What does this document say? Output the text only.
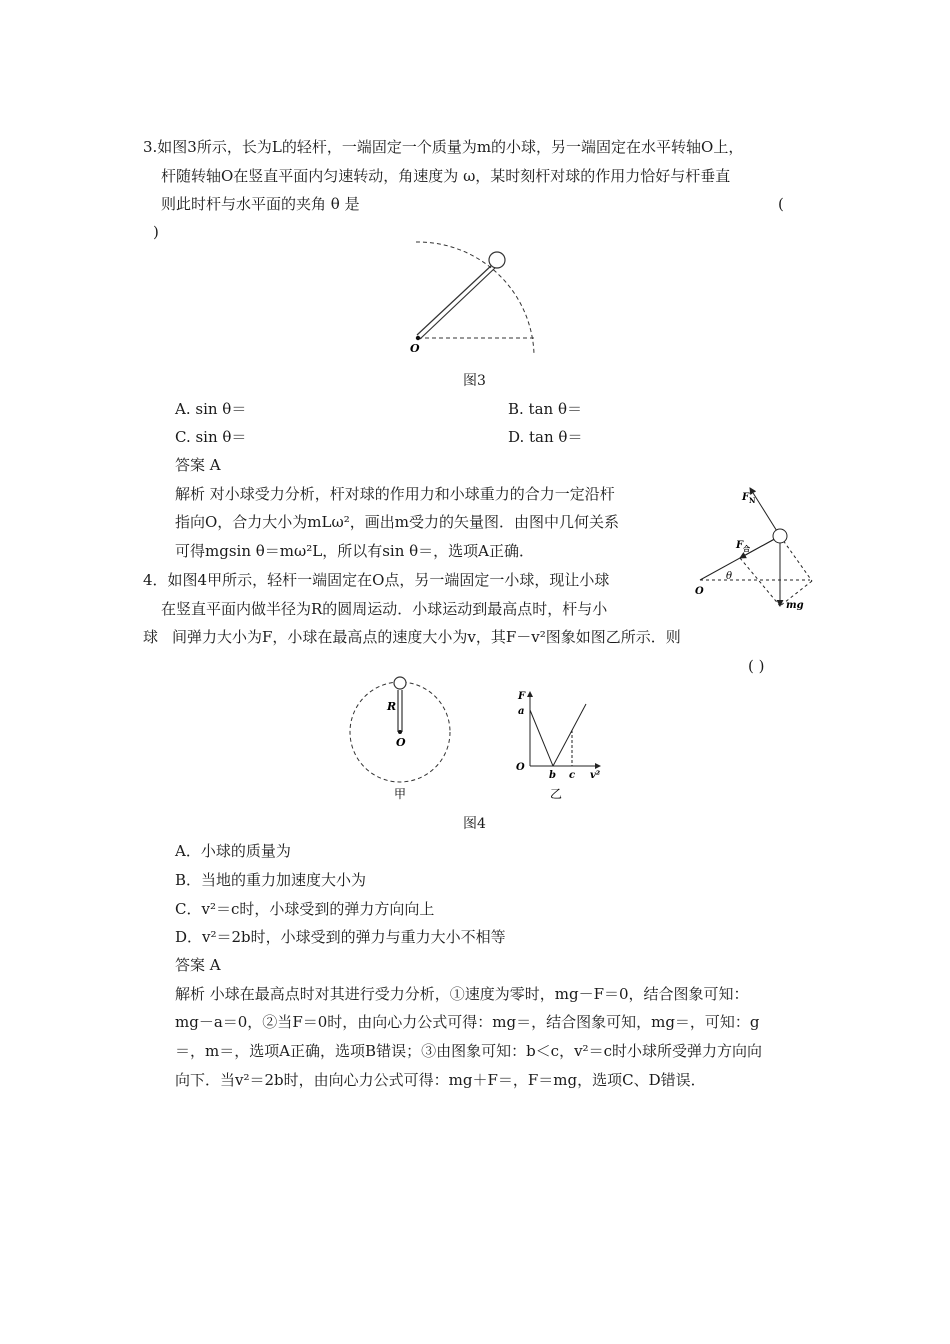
3.如图3所示，长为L的轻杆，一端固定一个质量为m的小球，另一端固定在水平转轴O上，
杆随转轴O在竖直平面内匀速转动，角速度为 ω，某时刻杆对球的作用力恰好与杆垂直
则此时杆与水平面的夹角 θ 是	(
)
O
图3
A. sin θ＝	B. tan θ＝
C. sin θ＝	D. tan θ＝
答案 A
解析 对小球受力分析，杆对球的作用力和小球重力的合力一定沿杆
指向O，合力大小为mLω²，画出m受力的矢量图．由图中几何关系
可得mgsin θ＝mω²L，所以有sin θ＝，选项A正确．
F N
F 合
θ
O
mg
4．如图4甲所示，轻杆一端固定在O点，另一端固定一小球，现让小球
在竖直平面内做半径为R的圆周运动．小球运动到最高点时，杆与小
球 间弹力大小为F，小球在最高点的速度大小为v，其F－v²图象如图乙所示．则
( )
R
O
甲
F
a
O
b c v²
乙
图4
A．小球的质量为
B．当地的重力加速度大小为
C．v²＝c时，小球受到的弹力方向向上
D．v²＝2b时，小球受到的弹力与重力大小不相等
答案 A
解析 小球在最高点时对其进行受力分析，①速度为零时，mg－F＝0，结合图象可知：
mg－a＝0，②当F＝0时，由向心力公式可得：mg＝，结合图象可知，mg＝，可知：g
＝，m＝，选项A正确，选项B错误；③由图象可知：b＜c，v²＝c时小球所受弹力方向向
向下．当v²＝2b时，由向心力公式可得：mg＋F＝，F＝mg，选项C、D错误．
